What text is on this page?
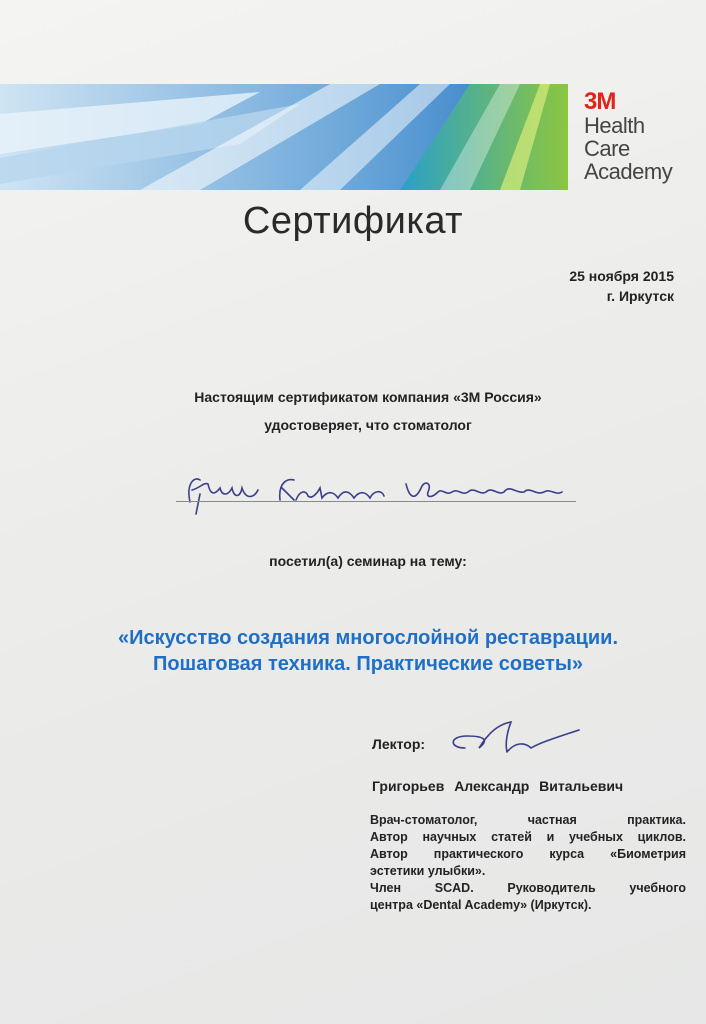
3M
Health
Care
Academy
Сертификат
25 ноября 2015
г. Иркутск
Настоящим сертификатом компания «3М Россия»
удостоверяет, что стоматолог
посетил(а) семинар на тему:
«Искусство создания многослойной реставрации.
Пошаговая техника. Практические советы»
Лектор:
Григорьев Александр Витальевич
Врач-стоматолог, частная практика.
Автор научных статей и учебных циклов.
Автор практического курса «Биометрия
эстетики улыбки».
Член SCAD. Руководитель учебного
центра «Dental Academy» (Иркутск).
